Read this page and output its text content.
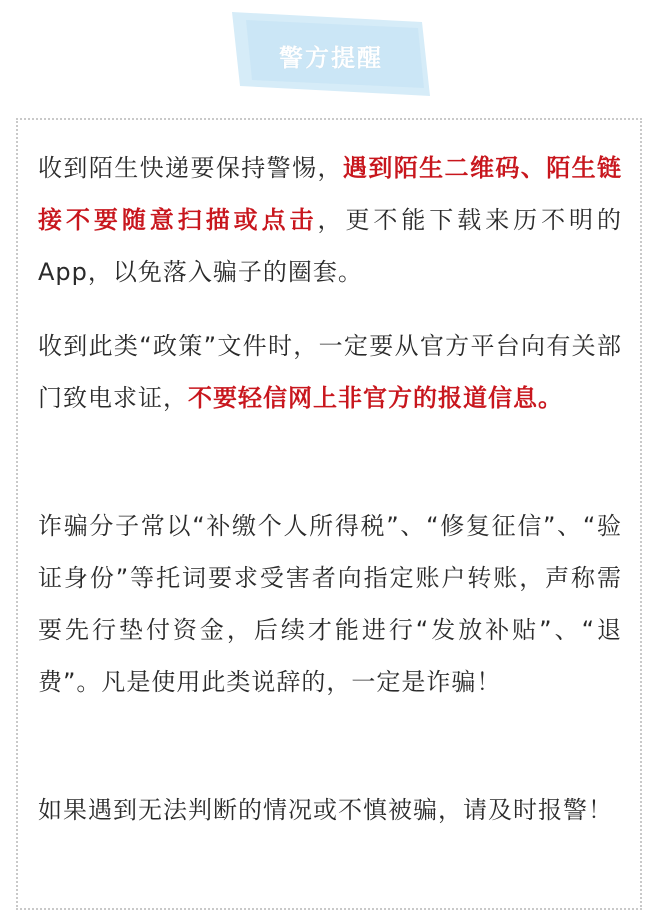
警方提醒

收到陌生快递要保持警惕，遇到陌生二维码、陌生链接不要随意扫描或点击，更不能下载来历不明的App，以免落入骗子的圈套。

收到此类“政策”文件时，一定要从官方平台向有关部门致电求证，不要轻信网上非官方的报道信息。

诈骗分子常以“补缴个人所得税”、“修复征信”、“验证身份”等托词要求受害者向指定账户转账，声称需要先行垫付资金，后续才能进行“发放补贴”、“退费”。凡是使用此类说辞的，一定是诈骗！

如果遇到无法判断的情况或不慎被骗，请及时报警！
